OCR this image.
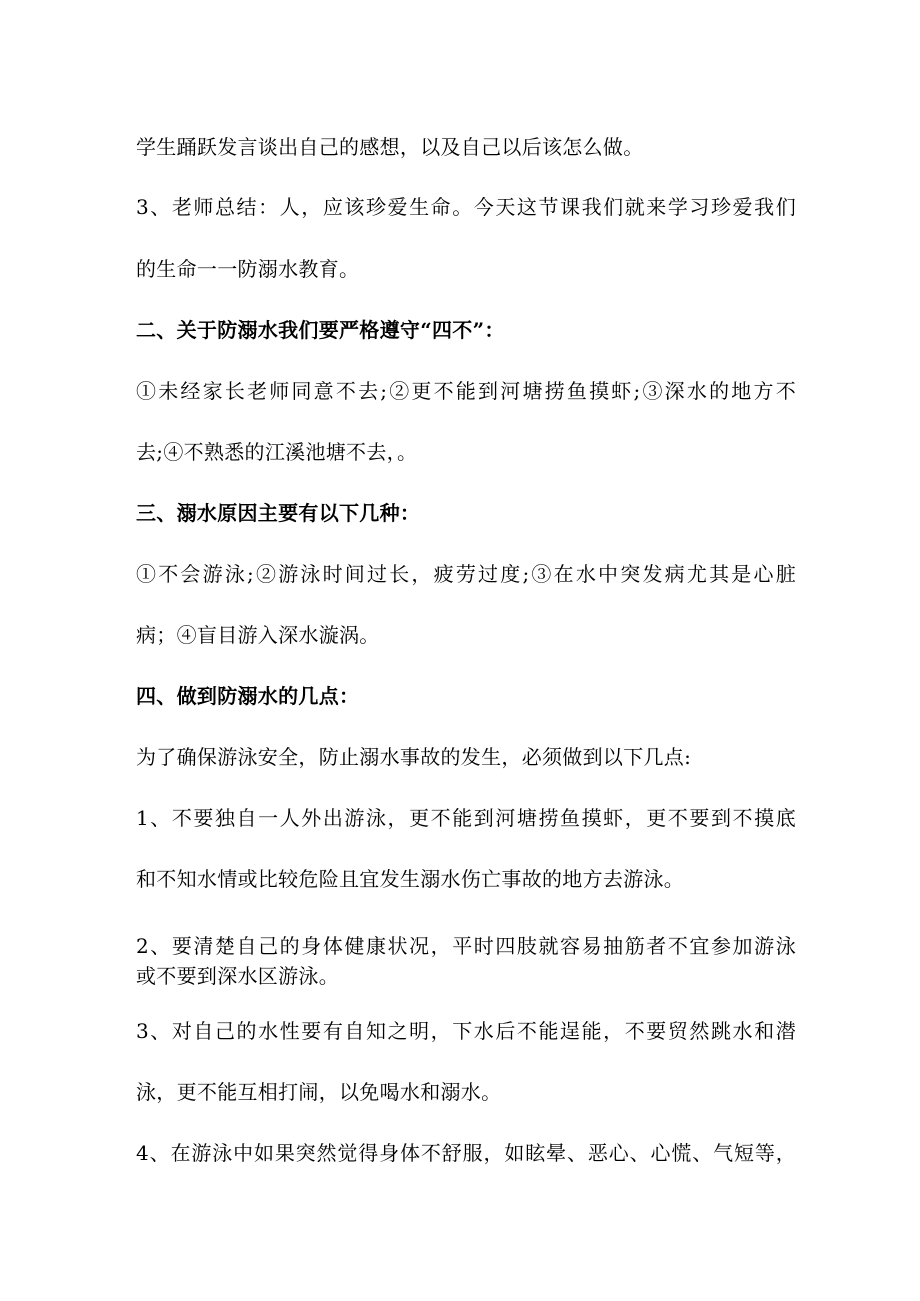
学生踊跃发言谈出自己的感想，以及自己以后该怎么做。
3、老师总结：人，应该珍爱生命。今天这节课我们就来学习珍爱我们
的生命一一防溺水教育。
二、关于防溺水我们要严格遵守“四不”：
①未经家长老师同意不去;②更不能到河塘捞鱼摸虾;③深水的地方不
去;④不熟悉的江溪池塘不去，。
三、溺水原因主要有以下几种：
①不会游泳;②游泳时间过长，疲劳过度;③在水中突发病尤其是心脏
病；④盲目游入深水漩涡。
四、做到防溺水的几点：
为了确保游泳安全，防止溺水事故的发生，必须做到以下几点:
1、不要独自一人外出游泳，更不能到河塘捞鱼摸虾，更不要到不摸底
和不知水情或比较危险且宜发生溺水伤亡事故的地方去游泳。
2、要清楚自己的身体健康状况，平时四肢就容易抽筋者不宜参加游泳
或不要到深水区游泳。
3、对自己的水性要有自知之明，下水后不能逞能，不要贸然跳水和潜
泳，更不能互相打闹，以免喝水和溺水。
4、在游泳中如果突然觉得身体不舒服，如眩晕、恶心、心慌、气短等，
